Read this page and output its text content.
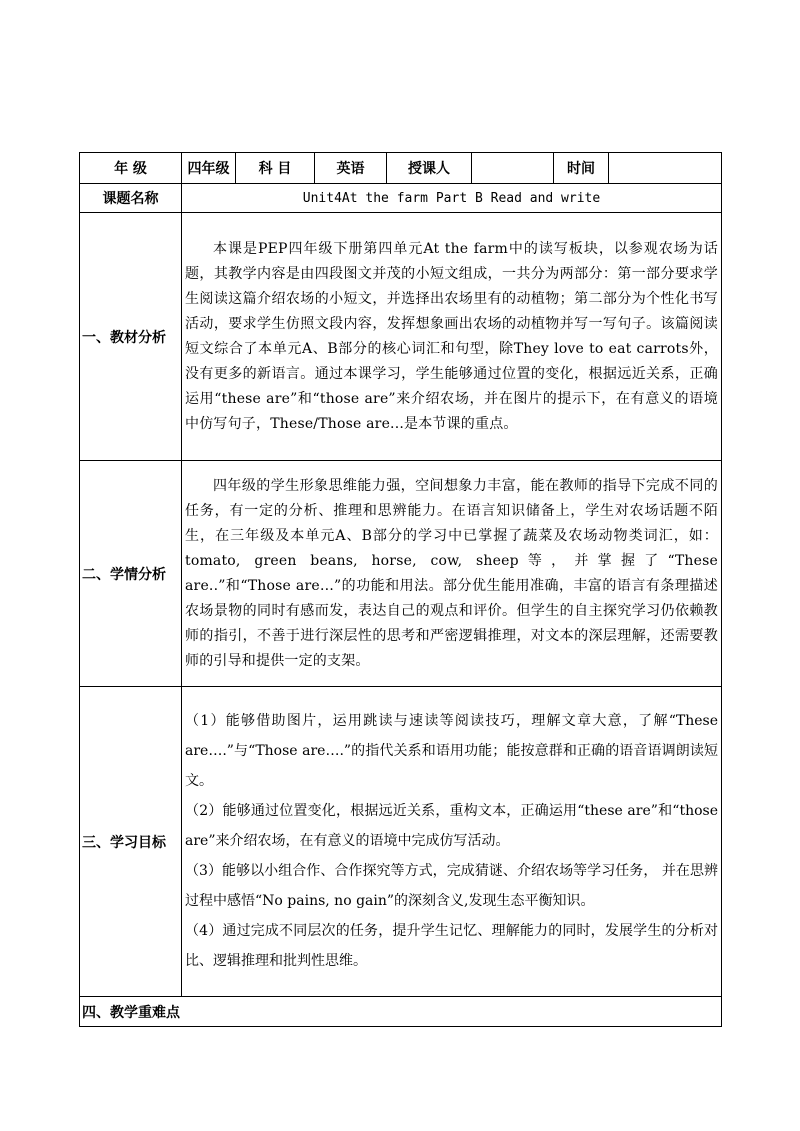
年 级	四年级	科 目	英语	授课人		时间	
课题名称	Unit4At the farm Part B Read and write						
一、教材分析	本课是PEP四年级下册第四单元At the farm中的读写板块，以参观农场为话题，其教学内容是由四段图文并茂的小短文组成，一共分为两部分：第一部分要求学生阅读这篇介绍农场的小短文，并选择出农场里有的动植物；第二部分为个性化书写活动，要求学生仿照文段内容，发挥想象画出农场的动植物并写一写句子。该篇阅读短文综合了本单元A、B部分的核心词汇和句型，除They love to eat carrots外，没有更多的新语言。通过本课学习，学生能够通过位置的变化，根据远近关系，正确运用“these are”和“those are”来介绍农场，并在图片的提示下，在有意义的语境中仿写句子，These/Those are...是本节课的重点。						

二、学情分析	四年级的学生形象思维能力强，空间想象力丰富，能在教师的指导下完成不同的任务，有一定的分析、推理和思辨能力。在语言知识储备上，学生对农场话题不陌生，在三年级及本单元A、B部分的学习中已掌握了蔬菜及农场动物类词汇，如：tomato, green beans, horse, cow, sheep等，并掌握了“These are..”和“Those are…”的功能和用法。部分优生能用准确，丰富的语言有条理描述农场景物的同时有感而发，表达自己的观点和评价。但学生的自主探究学习仍依赖教师的指引，不善于进行深层性的思考和严密逻辑推理，对文本的深层理解，还需要教师的引导和提供一定的支架。						

三、学习目标	（1）能够借助图片，运用跳读与速读等阅读技巧，理解文章大意，了解“These are….”与“Those are….”的指代关系和语用功能；能按意群和正确的语音语调朗读短文。

（2）能够通过位置变化，根据远近关系，重构文本，正确运用“these are”和“those are”来介绍农场，在有意义的语境中完成仿写活动。

（3）能够以小组合作、合作探究等方式，完成猜谜、介绍农场等学习任务， 并在思辨过程中感悟“No pains, no gain”的深刻含义,发现生态平衡知识。

（4）通过完成不同层次的任务，提升学生记忆、理解能力的同时，发展学生的分析对比、逻辑推理和批判性思维。						

四、教学重难点							
